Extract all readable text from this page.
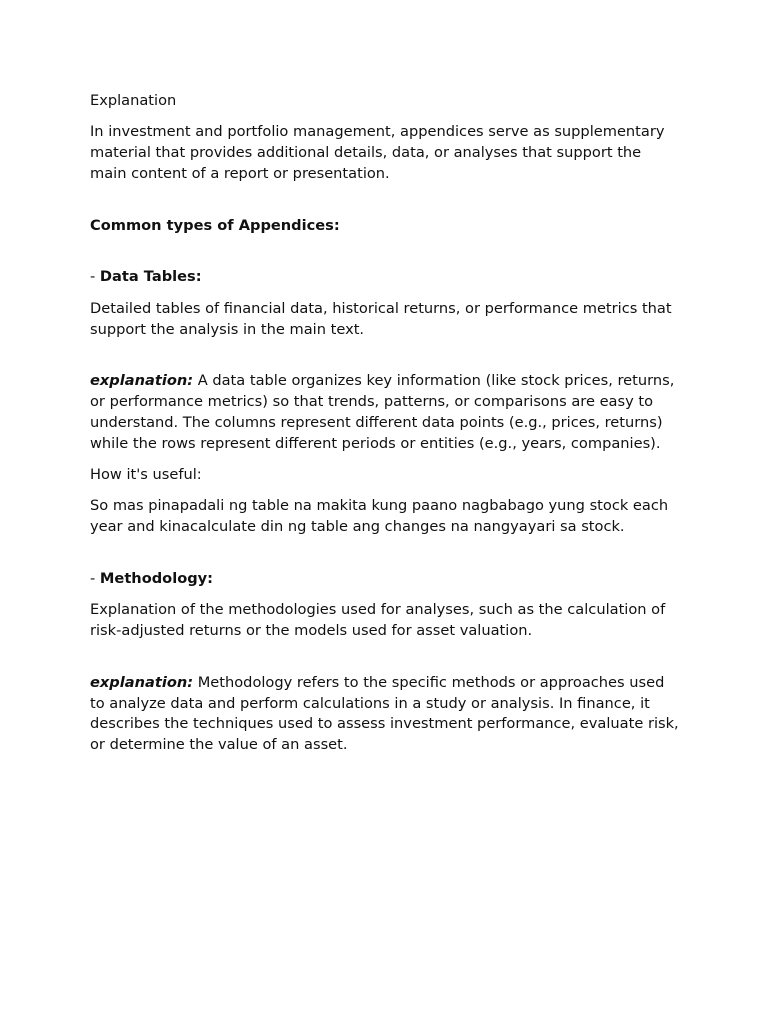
Explanation

In investment and portfolio management, appendices serve as supplementary material that provides additional details, data, or analyses that support the main content of a report or presentation.

Common types of Appendices:

- Data Tables:

Detailed tables of financial data, historical returns, or performance metrics that support the analysis in the main text.

explanation: A data table organizes key information (like stock prices, returns, or performance metrics) so that trends, patterns, or comparisons are easy to understand. The columns represent different data points (e.g., prices, returns) while the rows represent different periods or entities (e.g., years, companies).

How it's useful:

So mas pinapadali ng table na makita kung paano nagbabago yung stock each year and kinacalculate din ng table ang changes na nangyayari sa stock.

- Methodology:

Explanation of the methodologies used for analyses, such as the calculation of risk-adjusted returns or the models used for asset valuation.

explanation: Methodology refers to the specific methods or approaches used to analyze data and perform calculations in a study or analysis. In finance, it describes the techniques used to assess investment performance, evaluate risk, or determine the value of an asset.
